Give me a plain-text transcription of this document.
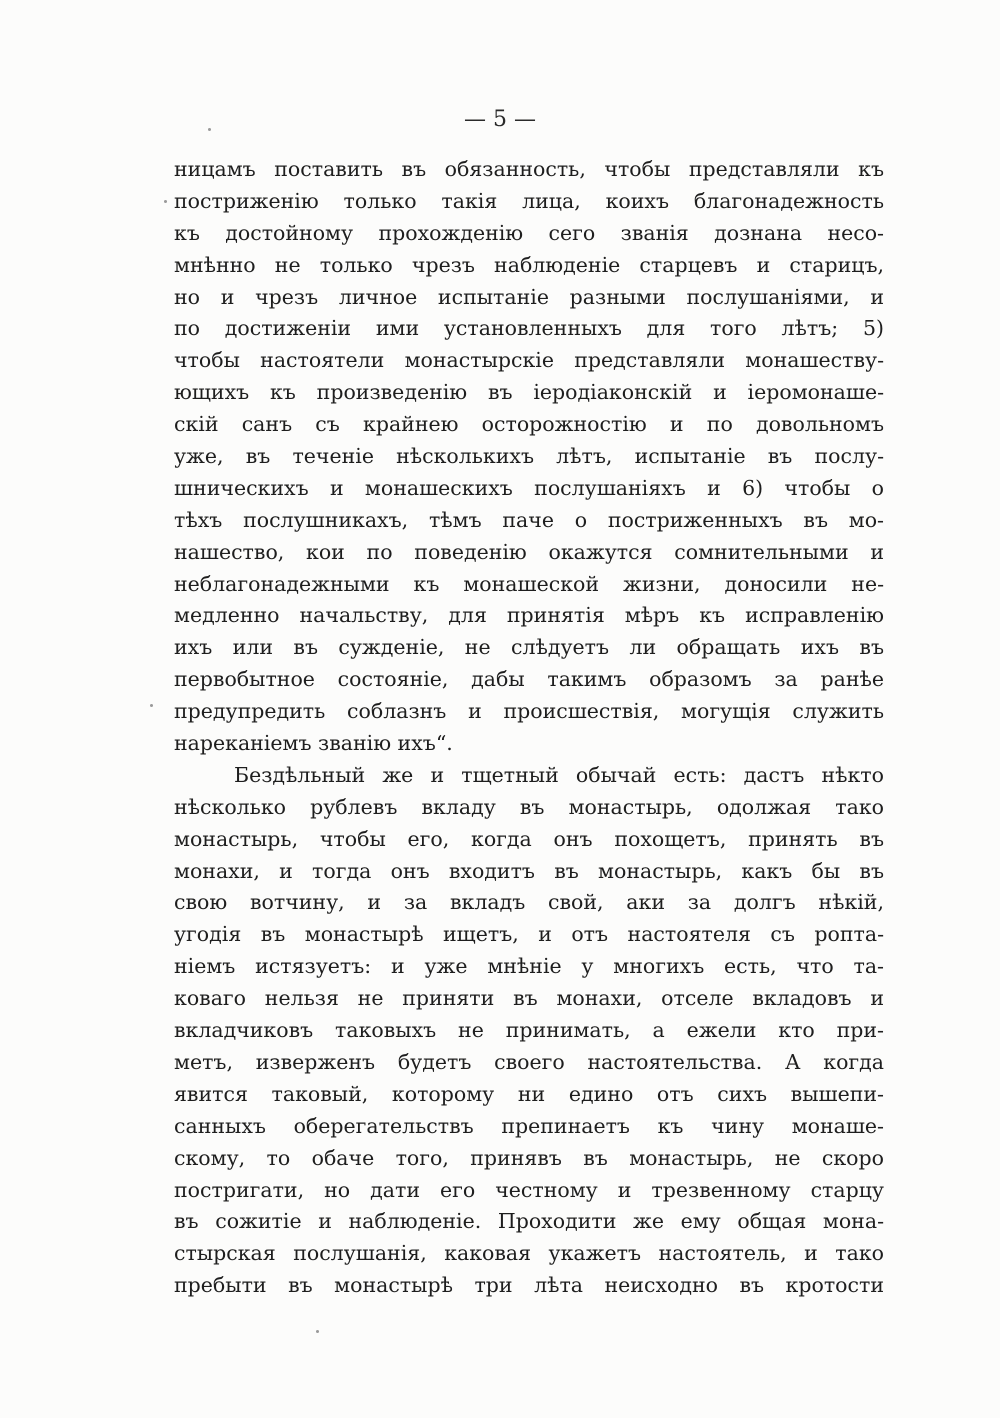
— 5 —
ницамъ поставить въ обязанность, чтобы представляли къ
постриженію только такія лица, коихъ благонадежность
къ достойному прохожденію сего званія дознана несо-
мнѣнно не только чрезъ наблюденіе старцевъ и старицъ,
но и чрезъ личное испытаніе разными послушаніями, и
по достиженіи ими установленныхъ для того лѣтъ; 5)
чтобы настоятели монастырскіе представляли монашеству-
ющихъ къ произведенію въ іеродіаконскій и іеромонаше-
скій санъ съ крайнею осторожностію и по довольномъ
уже, въ теченіе нѣсколькихъ лѣтъ, испытаніе въ послу-
шническихъ и монашескихъ послушаніяхъ и 6) чтобы о
тѣхъ послушникахъ, тѣмъ паче о постриженныхъ въ мо-
нашество, кои по поведенію окажутся сомнительными и
неблагонадежными къ монашеской жизни, доносили не-
медленно начальству, для принятія мѣръ къ исправленію
ихъ или въ сужденіе, не слѣдуетъ ли обращать ихъ въ
первобытное состояніе, дабы такимъ образомъ за ранѣе
предупредить соблазнъ и происшествія, могущія служить
нареканіемъ званію ихъ“.
Бездѣльный же и тщетный обычай есть: дастъ нѣкто
нѣсколько рублевъ вкладу въ монастырь, одолжая тако
монастырь, чтобы его, когда онъ похощетъ, принять въ
монахи, и тогда онъ входитъ въ монастырь, какъ бы въ
свою вотчину, и за вкладъ свой, аки за долгъ нѣкій,
угодія въ монастырѣ ищетъ, и отъ настоятеля съ ропта-
ніемъ истязуетъ: и уже мнѣніе у многихъ есть, что та-
коваго нельзя не приняти въ монахи, отселе вкладовъ и
вкладчиковъ таковыхъ не принимать, а ежели кто при-
метъ, изверженъ будетъ своего настоятельства. А когда
явится таковый, которому ни едино отъ сихъ вышепи-
санныхъ оберегательствъ препинаетъ къ чину монаше-
скому, то обаче того, принявъ въ монастырь, не скоро
постригати, но дати его честному и трезвенному старцу
въ сожитіе и наблюденіе. Проходити же ему общая мона-
стырская послушанія, каковая укажетъ настоятель, и тако
пребыти въ монастырѣ три лѣта неисходно въ кротости
